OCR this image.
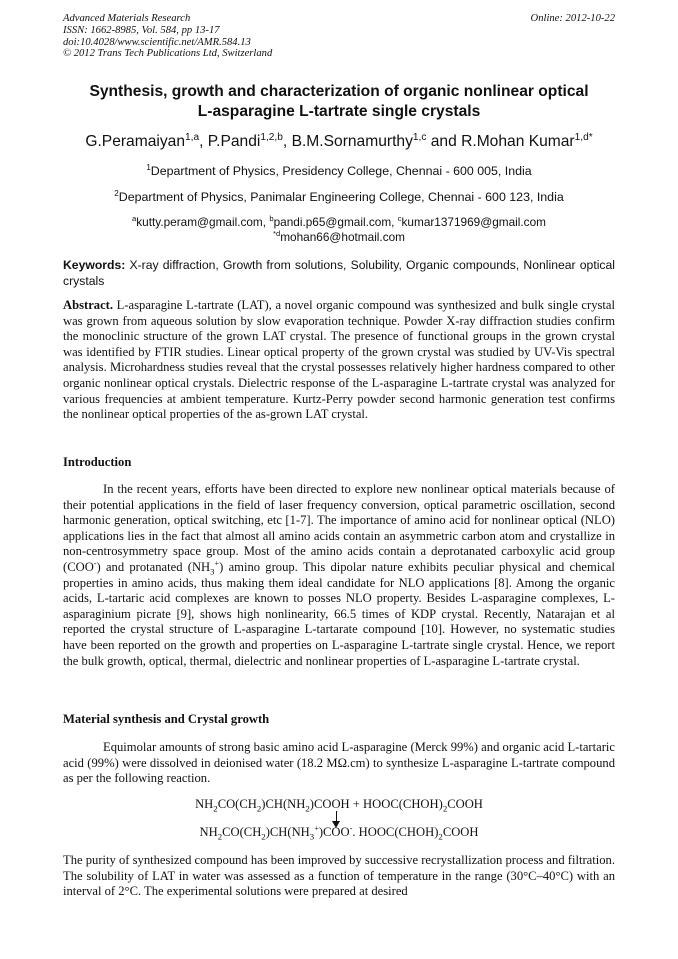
Advanced Materials Research
ISSN: 1662-8985, Vol. 584, pp 13-17
doi:10.4028/www.scientific.net/AMR.584.13
© 2012 Trans Tech Publications Ltd, Switzerland
Online: 2012-10-22
Synthesis, growth and characterization of organic nonlinear optical
L-asparagine L-tartrate single crystals
G.Peramaiyan$^{1,a}$, P.Pandi$^{1,2,b}$, B.M.Sornamurthy$^{1,c}$ and R.Mohan Kumar$^{1,d*}$
$^1$Department of Physics, Presidency College, Chennai - 600 005, India
$^2$Department of Physics, Panimalar Engineering College, Chennai - 600 123, India
$^a$kutty.peram@gmail.com, $^b$pandi.p65@gmail.com, $^c$kumar1371969@gmail.com
$^{*d}$mohan66@hotmail.com
Keywords: X-ray diffraction, Growth from solutions, Solubility, Organic compounds, Nonlinear optical crystals
Abstract. L-asparagine L-tartrate (LAT), a novel organic compound was synthesized and bulk single crystal was grown from aqueous solution by slow evaporation technique. Powder X-ray diffraction studies confirm the monoclinic structure of the grown LAT crystal. The presence of functional groups in the grown crystal was identified by FTIR studies. Linear optical property of the grown crystal was studied by UV-Vis spectral analysis. Microhardness studies reveal that the crystal possesses relatively higher hardness compared to other organic nonlinear optical crystals. Dielectric response of the L-asparagine L-tartrate crystal was analyzed for various frequencies at ambient temperature. Kurtz-Perry powder second harmonic generation test confirms the nonlinear optical properties of the as-grown LAT crystal.
Introduction
In the recent years, efforts have been directed to explore new nonlinear optical materials because of their potential applications in the field of laser frequency conversion, optical parametric oscillation, second harmonic generation, optical switching, etc [1-7]. The importance of amino acid for nonlinear optical (NLO) applications lies in the fact that almost all amino acids contain an asymmetric carbon atom and crystallize in non-centrosymmetry space group. Most of the amino acids contain a deprotanated carboxylic acid group (COO-) and protanated $(NH_3^+)$ amino group. This dipolar nature exhibits peculiar physical and chemical properties in amino acids, thus making them ideal candidate for NLO applications [8]. Among the organic acids, L-tartaric acid complexes are known to posses NLO property. Besides L-asparagine complexes, L-asparaginium picrate [9], shows high nonlinearity, 66.5 times of KDP crystal. Recently, Natarajan et al reported the crystal structure of L-asparagine L-tartarate compound [10]. However, no systematic studies have been reported on the growth and properties on L-asparagine L-tartrate single crystal. Hence, we report the bulk growth, optical, thermal, dielectric and nonlinear properties of L-asparagine L-tartrate crystal.
Material synthesis and Crystal growth
Equimolar amounts of strong basic amino acid L-asparagine (Merck 99%) and organic acid L-tartaric acid (99%) were dissolved in deionised water (18.2 MΩ.cm) to synthesize L-asparagine L-tartrate compound as per the following reaction.
$NH_2CO(CH_2)CH(NH_2)COOH$ + $HOOC(CHOH)_2COOH$
$NH_2CO(CH_2)CH(NH_3^+)COO^-$. $HOOC(CHOH)_2COOH$
The purity of synthesized compound has been improved by successive recrystallization process and filtration. The solubility of LAT in water was assessed as a function of temperature in the range (30°C–40°C) with an interval of 2°C. The experimental solutions were prepared at desired
